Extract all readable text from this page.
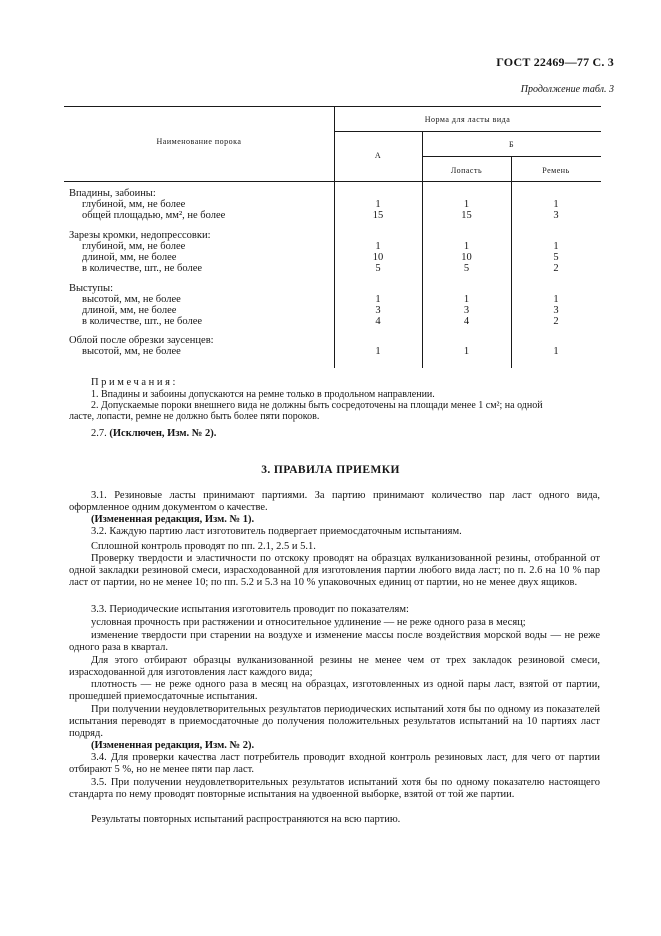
ГОСТ 22469—77 С. 3
Продолжение табл. 3
Наименование порока
Норма для ласты вида
А
Б
Лопасть	Ремень
Впадины, забоины:
глубиной, мм, не более	1	1	1
общей площадью, мм², не более	15	15	3
Зарезы кромки, недопрессовки:
глубиной, мм, не более	1	1	1
длиной, мм, не более	10	10	5
в количестве, шт., не более	5	5	2
Выступы:
высотой, мм, не более	1	1	1
длиной, мм, не более	3	3	3
в количестве, шт., не более	4	4	2
Облой после обрезки заусенцев:
высотой, мм, не более	1	1	1
Примечания:
1. Впадины и забоины допускаются на ремне только в продольном направлении.
2. Допускаемые пороки внешнего вида не должны быть сосредоточены на площади менее 1 см²; на одной
ласте, лопасти, ремне не должно быть более пяти пороков.
2.7. (Исключен, Изм. № 2).
3. ПРАВИЛА ПРИЕМКИ
3.1. Резиновые ласты принимают партиями. За партию принимают количество пар ласт одного вида, оформленное одним документом о качестве.
(Измененная редакция, Изм. № 1).
3.2. Каждую партию ласт изготовитель подвергает приемосдаточным испытаниям.
Сплошной контроль проводят по пп. 2.1, 2.5 и 5.1.
Проверку твердости и эластичности по отскоку проводят на образцах вулканизованной резины, отобранной от одной закладки резиновой смеси, израсходованной для изготовления партии любого вида ласт; по п. 2.6 на 10 % пар ласт от партии, но не менее 10; по пп. 5.2 и 5.3 на 10 % упаковочных единиц от партии, но не менее двух ящиков.
3.3. Периодические испытания изготовитель проводит по показателям:
условная прочность при растяжении и относительное удлинение — не реже одного раза в месяц;
изменение твердости при старении на воздухе и изменение массы после воздействия морской воды — не реже одного раза в квартал.
Для этого отбирают образцы вулканизованной резины не менее чем от трех закладок резиновой смеси, израсходованной для изготовления ласт каждого вида;
плотность — не реже одного раза в месяц на образцах, изготовленных из одной пары ласт, взятой от партии, прошедшей приемосдаточные испытания.
При получении неудовлетворительных результатов периодических испытаний хотя бы по одному из показателей испытания переводят в приемосдаточные до получения положительных результатов испытаний на 10 партиях ласт подряд.
(Измененная редакция, Изм. № 2).
3.4. Для проверки качества ласт потребитель проводит входной контроль резиновых ласт, для чего от партии отбирают 5 %, но не менее пяти пар ласт.
3.5. При получении неудовлетворительных результатов испытаний хотя бы по одному показателю настоящего стандарта по нему проводят повторные испытания на удвоенной выборке, взятой от той же партии.
Результаты повторных испытаний распространяются на всю партию.
